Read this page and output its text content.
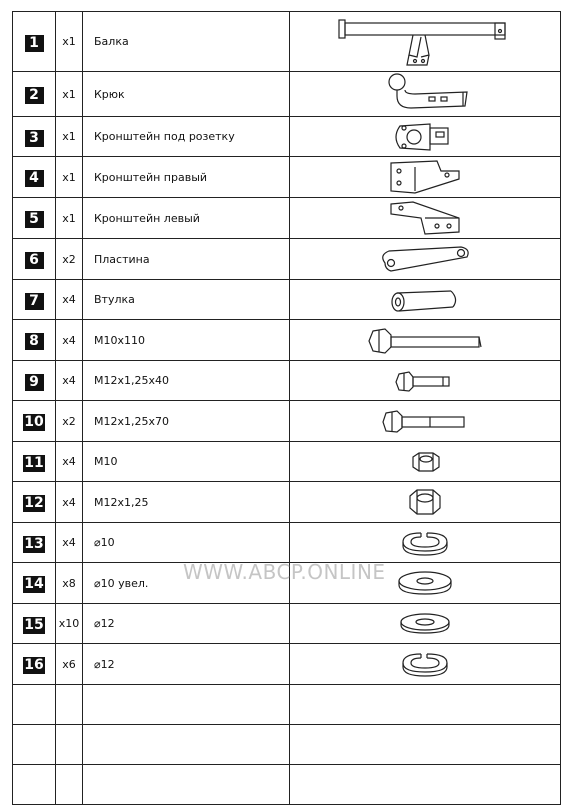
1	x1	Балка	

2	x1	Крюк	

3	x1	Кронштейн под розетку	

4	x1	Кронштейн правый	

5	x1	Кронштейн левый	

6	x2	Пластина	

7	x4	Втулка	

8	x4	M10x110	

9	x4	M12x1,25x40	

10	x2	M12x1,25x70	

11	x4	M10	

12	x4	M12x1,25	

13	x4	⌀10	

14	x8	⌀10 увел.	

15	x10	⌀12	

16	x6	⌀12	

WWW.ABCP.ONLINE
